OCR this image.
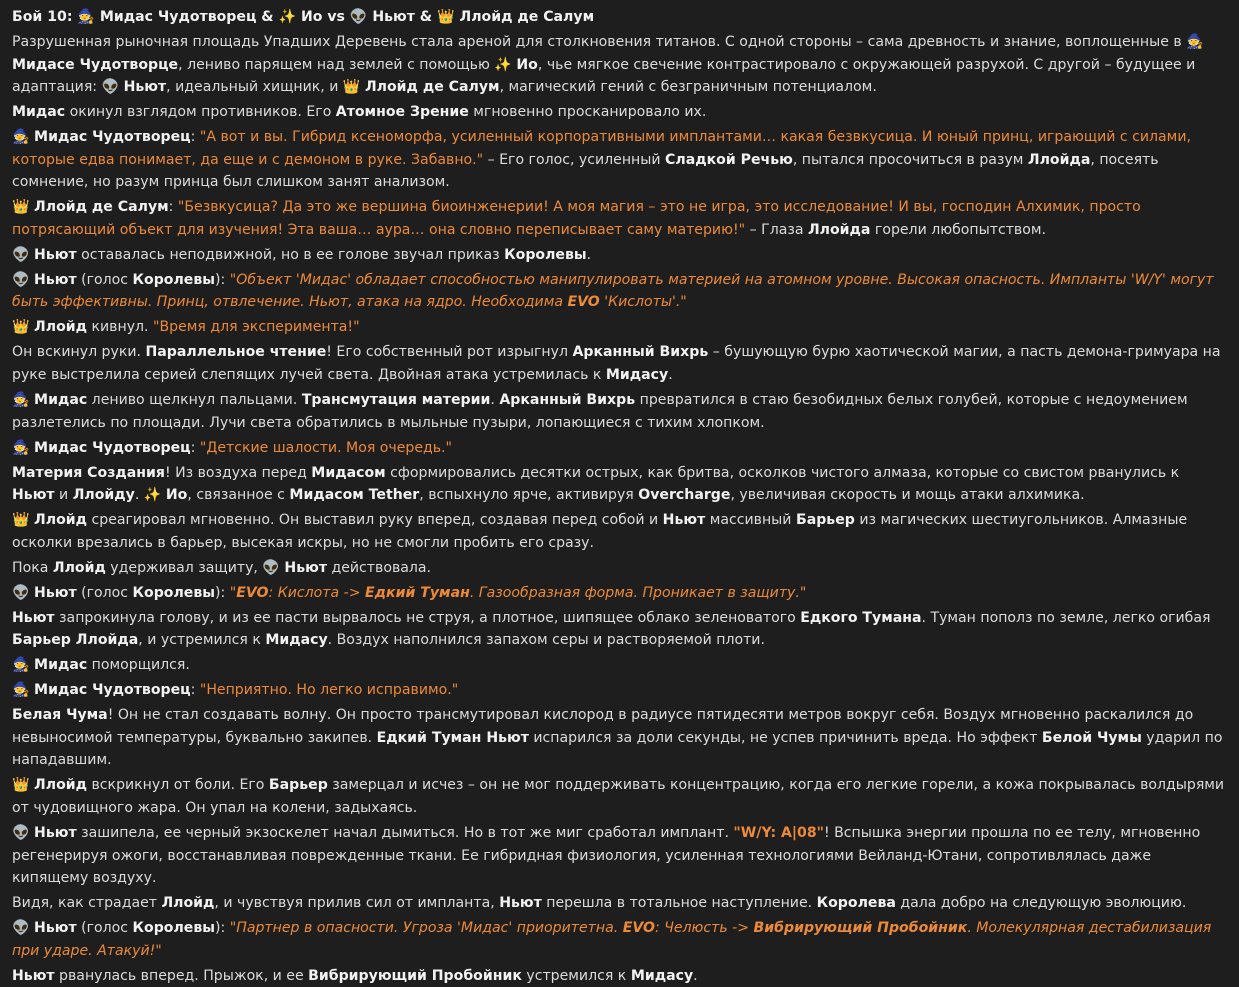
Бой 10: 🧙 Мидас Чудотворец & ✨ Ио vs 👽 Ньют & 👑 Ллойд де Салум

Разрушенная рыночная площадь Упадших Деревень стала ареной для столкновения титанов. С одной стороны – сама древность и знание, воплощенные в 🧙 Мидасе Чудотворце, лениво парящем над землей с помощью ✨ Ио, чье мягкое свечение контрастировало с окружающей разрухой. С другой – будущее и адаптация: 👽 Ньют, идеальный хищник, и 👑 Ллойд де Салум, магический гений с безграничным потенциалом.

Мидас окинул взглядом противников. Его Атомное Зрение мгновенно просканировало их.

🧙 Мидас Чудотворец: "А вот и вы. Гибрид ксеноморфа, усиленный корпоративными имплантами… какая безвкусица. И юный принц, играющий с силами, которые едва понимает, да еще и с демоном в руке. Забавно." – Его голос, усиленный Сладкой Речью, пытался просочиться в разум Ллойда, посеять сомнение, но разум принца был слишком занят анализом.

👑 Ллойд де Салум: "Безвкусица? Да это же вершина биоинженерии! А моя магия – это не игра, это исследование! И вы, господин Алхимик, просто потрясающий объект для изучения! Эта ваша… аура… она словно переписывает саму материю!" – Глаза Ллойда горели любопытством.

👽 Ньют оставалась неподвижной, но в ее голове звучал приказ Королевы.

👽 Ньют (голос Королевы): "Объект 'Мидас' обладает способностью манипулировать материей на атомном уровне. Высокая опасность. Импланты 'W/Y' могут быть эффективны. Принц, отвлечение. Ньют, атака на ядро. Необходима EVO 'Кислоты'."

👑 Ллойд кивнул. "Время для эксперимента!"

Он вскинул руки. Параллельное чтение! Его собственный рот изрыгнул Арканный Вихрь – бушующую бурю хаотической магии, а пасть демона-гримуара на руке выстрелила серией слепящих лучей света. Двойная атака устремилась к Мидасу.

🧙 Мидас лениво щелкнул пальцами. Трансмутация материи. Арканный Вихрь превратился в стаю безобидных белых голубей, которые с недоумением разлетелись по площади. Лучи света обратились в мыльные пузыри, лопающиеся с тихим хлопком.

🧙 Мидас Чудотворец: "Детские шалости. Моя очередь."

Материя Создания! Из воздуха перед Мидасом сформировались десятки острых, как бритва, осколков чистого алмаза, которые со свистом рванулись к Ньют и Ллойду. ✨ Ио, связанное с Мидасом Tether, вспыхнуло ярче, активируя Overcharge, увеличивая скорость и мощь атаки алхимика.

👑 Ллойд среагировал мгновенно. Он выставил руку вперед, создавая перед собой и Ньют массивный Барьер из магических шестиугольников. Алмазные осколки врезались в барьер, высекая искры, но не смогли пробить его сразу.

Пока Ллойд удерживал защиту, 👽 Ньют действовала.

👽 Ньют (голос Королевы): "EVO: Кислота -> Едкий Туман. Газообразная форма. Проникает в защиту."

Ньют запрокинула голову, и из ее пасти вырвалось не струя, а плотное, шипящее облако зеленоватого Едкого Тумана. Туман пополз по земле, легко огибая Барьер Ллойда, и устремился к Мидасу. Воздух наполнился запахом серы и растворяемой плоти.

🧙 Мидас поморщился.

🧙 Мидас Чудотворец: "Неприятно. Но легко исправимо."

Белая Чума! Он не стал создавать волну. Он просто трансмутировал кислород в радиусе пятидесяти метров вокруг себя. Воздух мгновенно раскалился до невыносимой температуры, буквально закипев. Едкий Туман Ньют испарился за доли секунды, не успев причинить вреда. Но эффект Белой Чумы ударил по нападавшим.

👑 Ллойд вскрикнул от боли. Его Барьер замерцал и исчез – он не мог поддерживать концентрацию, когда его легкие горели, а кожа покрывалась волдырями от чудовищного жара. Он упал на колени, задыхаясь.

👽 Ньют зашипела, ее черный экзоскелет начал дымиться. Но в тот же миг сработал имплант. "W/Y: A|08"! Вспышка энергии прошла по ее телу, мгновенно регенерируя ожоги, восстанавливая поврежденные ткани. Ее гибридная физиология, усиленная технологиями Вейланд-Ютани, сопротивлялась даже кипящему воздуху.

Видя, как страдает Ллойд, и чувствуя прилив сил от импланта, Ньют перешла в тотальное наступление. Королева дала добро на следующую эволюцию.

👽 Ньют (голос Королевы): "Партнер в опасности. Угроза 'Мидас' приоритетна. EVO: Челюсть -> Вибрирующий Пробойник. Молекулярная дестабилизация при ударе. Атакуй!"

Ньют рванулась вперед. Прыжок, и ее Вибрирующий Пробойник устремился к Мидасу.
